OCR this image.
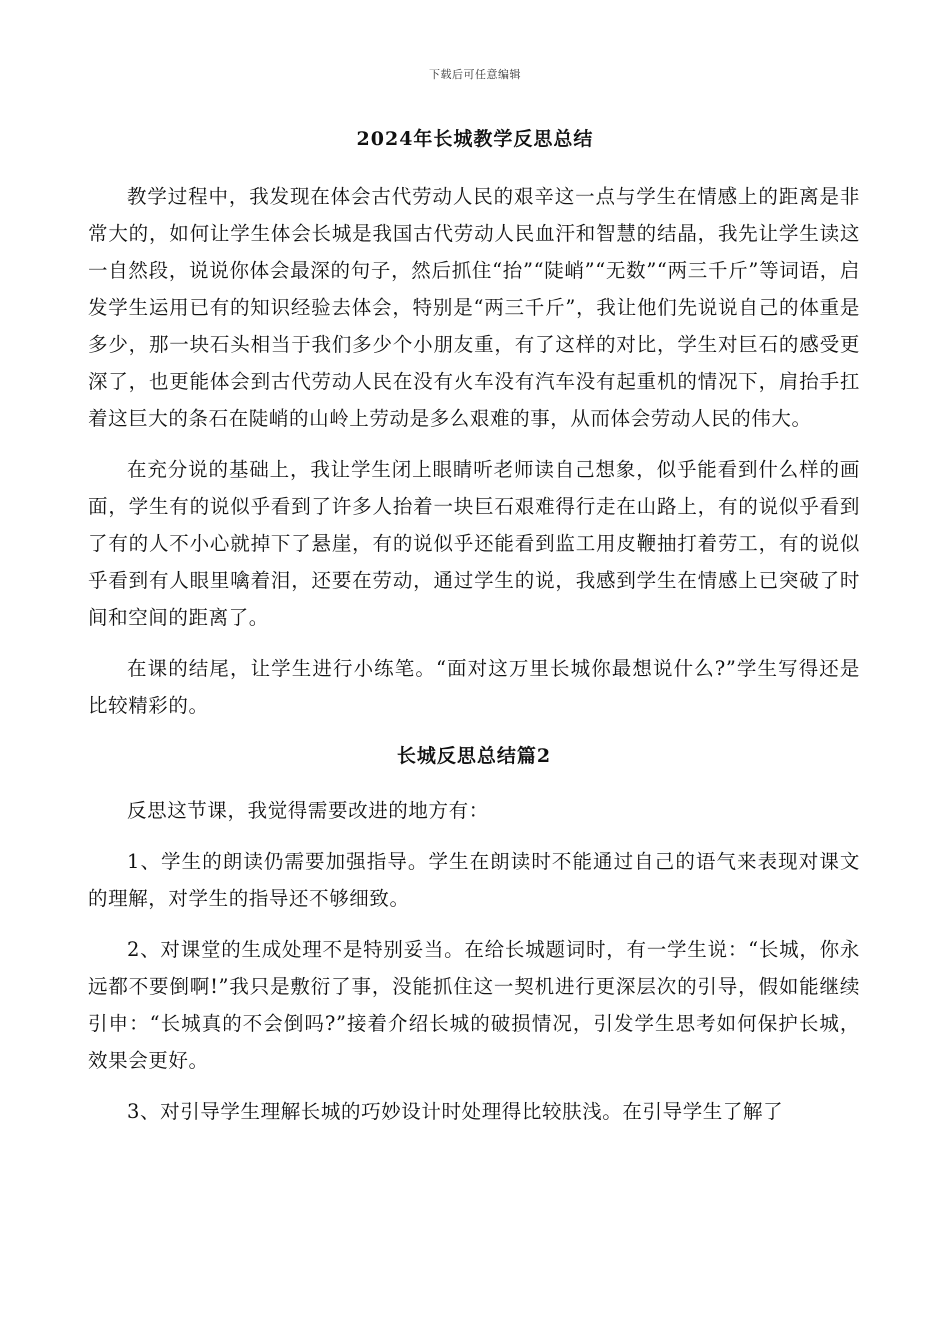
下载后可任意编辑
2024年长城教学反思总结

教学过程中，我发现在体会古代劳动人民的艰辛这一点与学生在情感上的距离是非常大的，如何让学生体会长城是我国古代劳动人民血汗和智慧的结晶，我先让学生读这一自然段，说说你体会最深的句子，然后抓住“抬”“陡峭”“无数”“两三千斤”等词语，启发学生运用已有的知识经验去体会，特别是“两三千斤”，我让他们先说说自己的体重是多少，那一块石头相当于我们多少个小朋友重，有了这样的对比，学生对巨石的感受更深了，也更能体会到古代劳动人民在没有火车没有汽车没有起重机的情况下，肩抬手扛着这巨大的条石在陡峭的山岭上劳动是多么艰难的事，从而体会劳动人民的伟大。

在充分说的基础上，我让学生闭上眼睛听老师读自己想象，似乎能看到什么样的画面，学生有的说似乎看到了许多人抬着一块巨石艰难得行走在山路上，有的说似乎看到了有的人不小心就掉下了悬崖，有的说似乎还能看到监工用皮鞭抽打着劳工，有的说似乎看到有人眼里噙着泪，还要在劳动，通过学生的说，我感到学生在情感上已突破了时间和空间的距离了。

在课的结尾，让学生进行小练笔。“面对这万里长城你最想说什么?”学生写得还是比较精彩的。

长城反思总结篇2

反思这节课，我觉得需要改进的地方有：

1、学生的朗读仍需要加强指导。学生在朗读时不能通过自己的语气来表现对课文的理解，对学生的指导还不够细致。

2、对课堂的生成处理不是特别妥当。在给长城题词时，有一学生说：“长城，你永远都不要倒啊!”我只是敷衍了事，没能抓住这一契机进行更深层次的引导，假如能继续引申：“长城真的不会倒吗?”接着介绍长城的破损情况，引发学生思考如何保护长城，效果会更好。

3、对引导学生理解长城的巧妙设计时处理得比较肤浅。在引导学生了解了
